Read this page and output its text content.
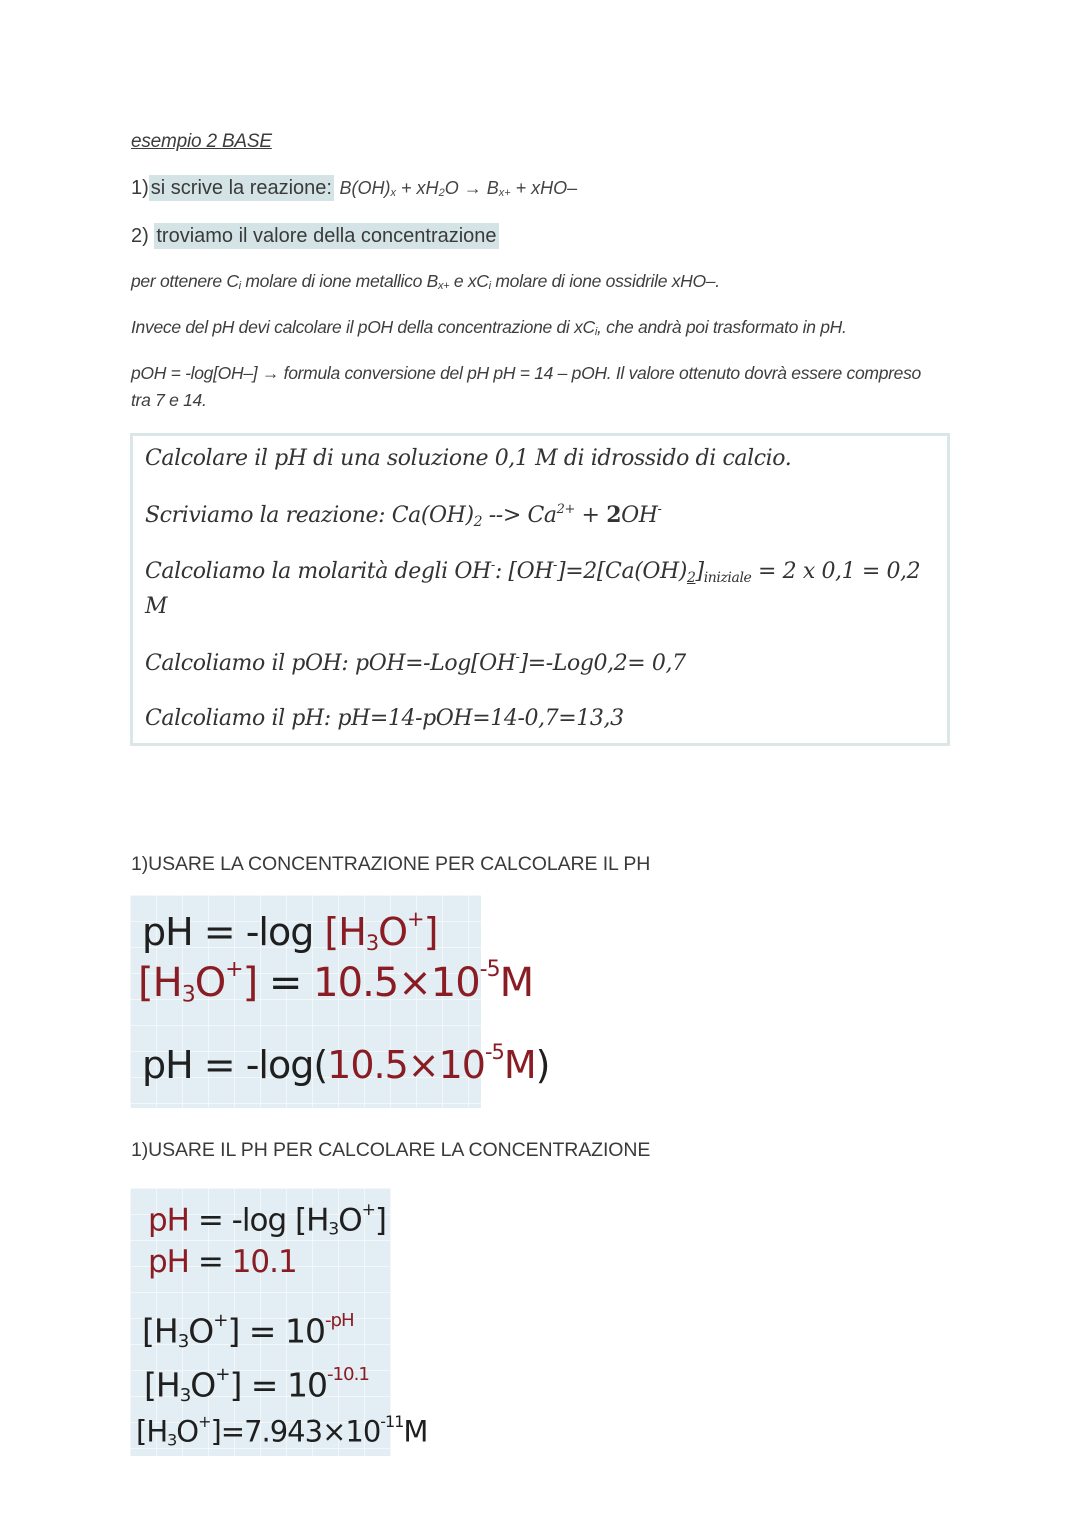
esempio 2 BASE
1) si scrive la reazione: $B(OH)_x + xH_2O \to B_{x+} + xHO-$
2) troviamo il valore della concentrazione
per ottenere $C_i$ molare di ione metallico $B_{x+}$ e $xC_i$ molare di ione ossidrile xHO–.
Invece del pH devi calcolare il pOH della concentrazione di $xC_i$, che andrà poi trasformato in pH.
pOH = -log[OH–] → formula conversione del pH pH = 14 – pOH. Il valore ottenuto dovrà essere compreso tra 7 e 14.

Calcolare il pH di una soluzione 0,1 M di idrossido di calcio.

Scriviamo la reazione: $Ca(OH)_2$ --> $Ca^{2+} + 2OH^-$

Calcoliamo la molarità degli OH-: $[OH^-]=2[Ca(OH)_2]_{iniziale} = 2$ x 0,1 = 0,2

M

Calcoliamo il pOH: pOH=-Log[OH-]=-Log0,2= 0,7

Calcoliamo il pH: pH=14-pOH=14-0,7=13,3

1)USARE LA CONCENTRAZIONE PER CALCOLARE IL PH
pH = -log $[H_3O^+]$
$[H_3O^+] = 10.5\times 10^{-5}M$
pH = $-\log(10.5\times 10^{-5}M)$
1)USARE IL PH PER CALCOLARE LA CONCENTRAZIONE
pH = -log $[H_3O^+]$
pH = 10.1
$[H_3O^+] = 10^{-pH}$
$[H_3O^+] = 10^{-10.1}$
$[H_3O^+]=7.943\times 10^{-11}M$
